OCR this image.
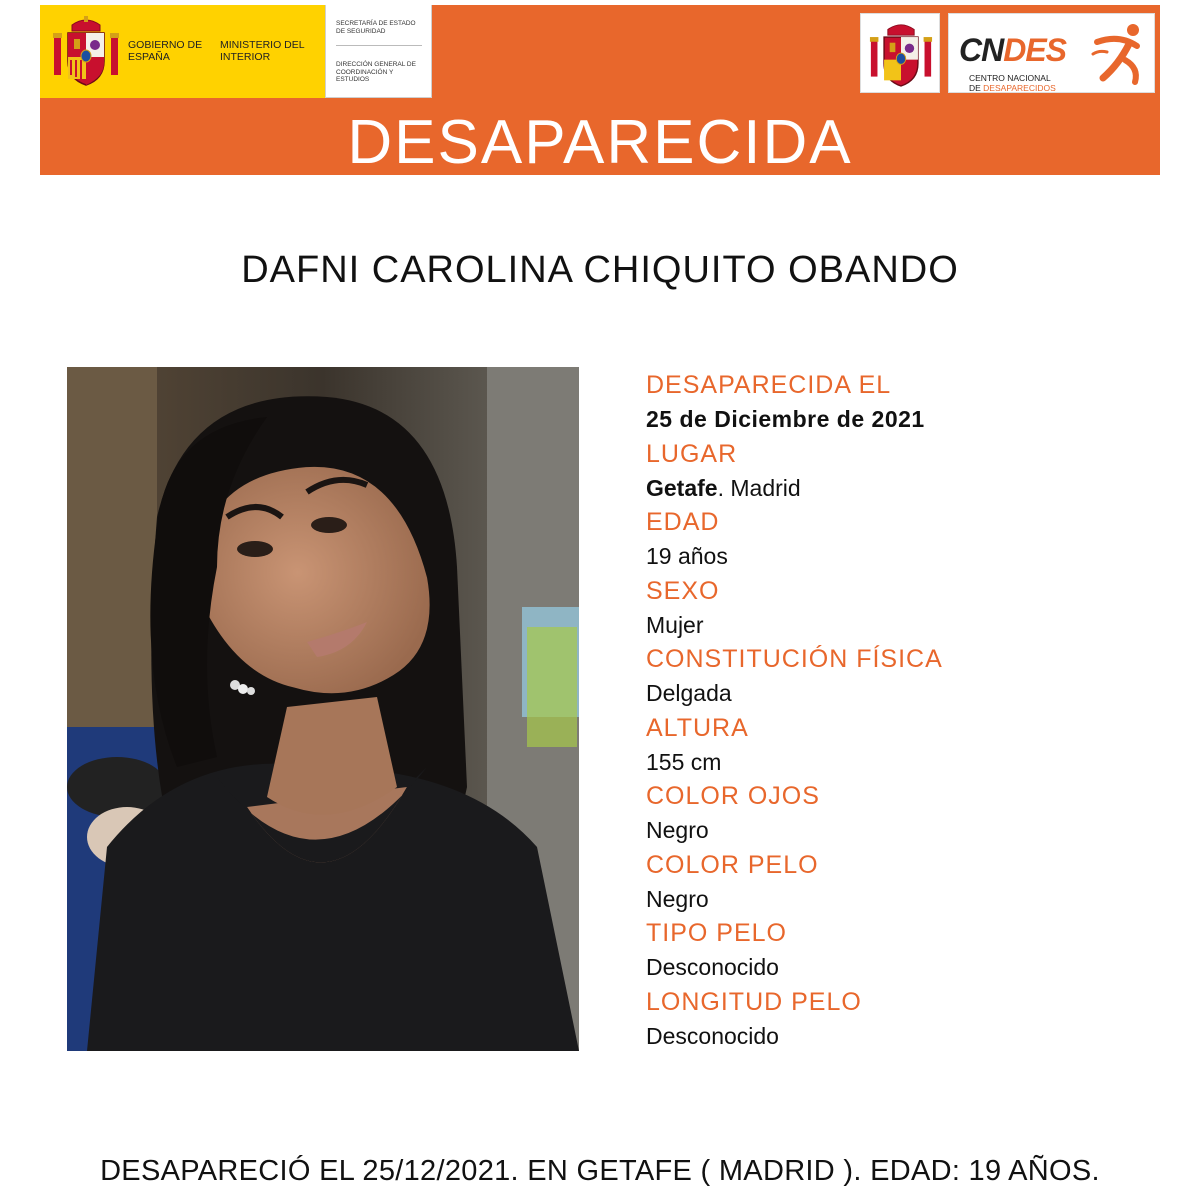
GOBIERNO DE ESPAÑA
MINISTERIO DEL INTERIOR
SECRETARÍA DE ESTADO DE SEGURIDAD
DIRECCIÓN GENERAL DE COORDINACIÓN Y ESTUDIOS
CNDES
CENTRO NACIONAL
DE DESAPARECIDOS
DESAPARECIDA
DAFNI CAROLINA CHIQUITO OBANDO
DESAPARECIDA EL
25 de Diciembre de 2021
LUGAR
Getafe. Madrid
EDAD
19 años
SEXO
Mujer
CONSTITUCIÓN FÍSICA
Delgada
ALTURA
155 cm
COLOR OJOS
Negro
COLOR PELO
Negro
TIPO PELO
Desconocido
LONGITUD PELO
Desconocido
DESAPARECIÓ EL 25/12/2021. EN GETAFE ( MADRID ). EDAD: 19 AÑOS.
